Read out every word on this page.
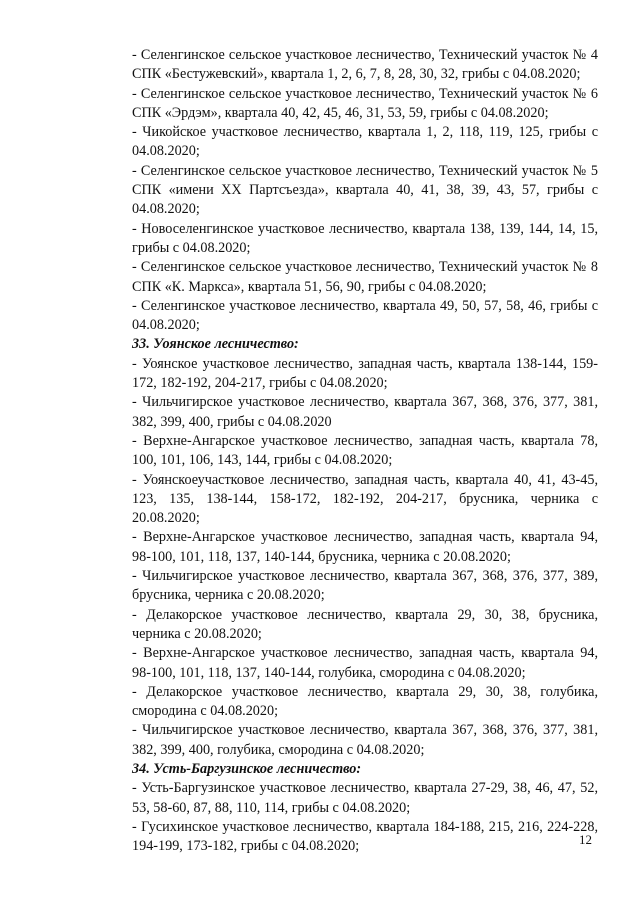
- Селенгинское сельское участковое лесничество, Технический участок № 4 СПК «Бестужевский», квартала 1, 2, 6, 7, 8, 28, 30, 32, грибы с 04.08.2020;

- Селенгинское сельское участковое лесничество, Технический участок № 6 СПК «Эрдэм», квартала 40, 42, 45, 46, 31, 53, 59, грибы с 04.08.2020;

- Чикойское участковое лесничество, квартала 1, 2, 118, 119, 125, грибы с 04.08.2020;

- Селенгинское сельское участковое лесничество, Технический участок № 5 СПК «имени XX Партсъезда», квартала 40, 41, 38, 39, 43, 57, грибы с 04.08.2020;

- Новоселенгинское участковое лесничество, квартала 138, 139, 144, 14, 15, грибы с 04.08.2020;

- Селенгинское сельское участковое лесничество, Технический участок № 8 СПК «К. Маркса», квартала 51, 56, 90, грибы с 04.08.2020;

- Селенгинское участковое лесничество, квартала 49, 50, 57, 58, 46, грибы с 04.08.2020;

33. Уоянское лесничество:

- Уоянское участковое лесничество, западная часть, квартала 138-144, 159-172, 182-192, 204-217, грибы с 04.08.2020;

- Чильчигирское участковое лесничество, квартала 367, 368, 376, 377, 381, 382, 399, 400, грибы с 04.08.2020

- Верхне-Ангарское участковое лесничество, западная часть, квартала 78, 100, 101, 106, 143, 144, грибы с 04.08.2020;

- Уоянскоеучастковое лесничество, западная часть, квартала 40, 41, 43-45, 123, 135, 138-144, 158-172, 182-192, 204-217, брусника, черника с 20.08.2020;

- Верхне-Ангарское участковое лесничество, западная часть, квартала 94, 98-100, 101, 118, 137, 140-144, брусника, черника с 20.08.2020;

- Чильчигирское участковое лесничество, квартала 367, 368, 376, 377, 389, брусника, черника с 20.08.2020;

- Делакорское участковое лесничество, квартала 29, 30, 38, брусника, черника с 20.08.2020;

- Верхне-Ангарское участковое лесничество, западная часть, квартала 94, 98-100, 101, 118, 137, 140-144, голубика, смородина с 04.08.2020;

- Делакорское участковое лесничество, квартала 29, 30, 38, голубика, смородина с 04.08.2020;

- Чильчигирское участковое лесничество, квартала 367, 368, 376, 377, 381, 382, 399, 400, голубика, смородина с 04.08.2020;

34. Усть-Баргузинское лесничество:

- Усть-Баргузинское участковое лесничество, квартала 27-29, 38, 46, 47, 52, 53, 58-60, 87, 88, 110, 114, грибы с 04.08.2020;

- Гусихинское участковое лесничество, квартала 184-188, 215, 216, 224-228, 194-199, 173-182, грибы с 04.08.2020;	12
